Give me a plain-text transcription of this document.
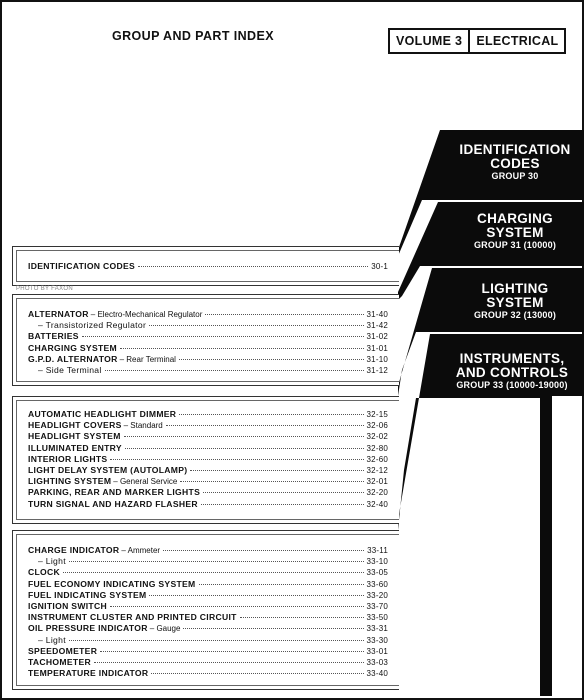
GROUP AND PART INDEX	VOLUME 3	ELECTRICAL
IDENTIFICATION
CODES
GROUP 30
CHARGING
SYSTEM
GROUP 31 (10000)
LIGHTING
SYSTEM
GROUP 32 (13000)
INSTRUMENTS,
AND CONTROLS
GROUP 33 (10000-19000)
IDENTIFICATION CODES	30-1
PHOTO BY FAXON
ALTERNATOR – Electro-Mechanical Regulator	31-40
– Transistorized Regulator	31-42
BATTERIES	31-02
CHARGING SYSTEM	31-01
G.P.D. ALTERNATOR – Rear Terminal	31-10
– Side Terminal	31-12
AUTOMATIC HEADLIGHT DIMMER	32-15
HEADLIGHT COVERS – Standard	32-06
HEADLIGHT SYSTEM	32-02
ILLUMINATED ENTRY	32-80
INTERIOR LIGHTS	32-60
LIGHT DELAY SYSTEM (AUTOLAMP)	32-12
LIGHTING SYSTEM – General Service	32-01
PARKING, REAR AND MARKER LIGHTS	32-20
TURN SIGNAL AND HAZARD FLASHER	32-40
CHARGE INDICATOR – Ammeter	33-11
– Light	33-10
CLOCK	33-05
FUEL ECONOMY INDICATING SYSTEM	33-60
FUEL INDICATING SYSTEM	33-20
IGNITION SWITCH	33-70
INSTRUMENT CLUSTER AND PRINTED CIRCUIT	33-50
OIL PRESSURE INDICATOR – Gauge	33-31
– Light	33-30
SPEEDOMETER	33-01
TACHOMETER	33-03
TEMPERATURE INDICATOR	33-40
